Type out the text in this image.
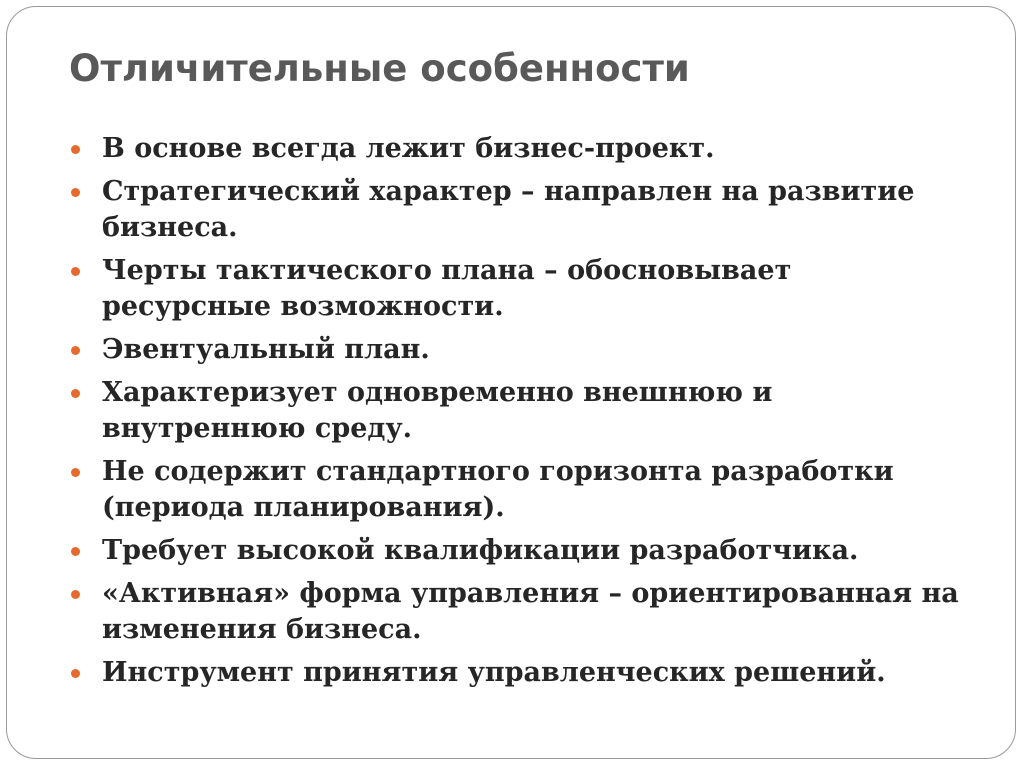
Отличительные особенности
В основе всегда лежит бизнес-проект.
Стратегический характер – направлен на развитие бизнеса.
Черты тактического плана – обосновывает ресурсные возможности.
Эвентуальный план.
Характеризует одновременно внешнюю и внутреннюю среду.
Не содержит стандартного горизонта разработки (периода планирования).
Требует высокой квалификации разработчика.
«Активная» форма управления – ориентированная на изменения бизнеса.
Инструмент принятия управленческих решений.
